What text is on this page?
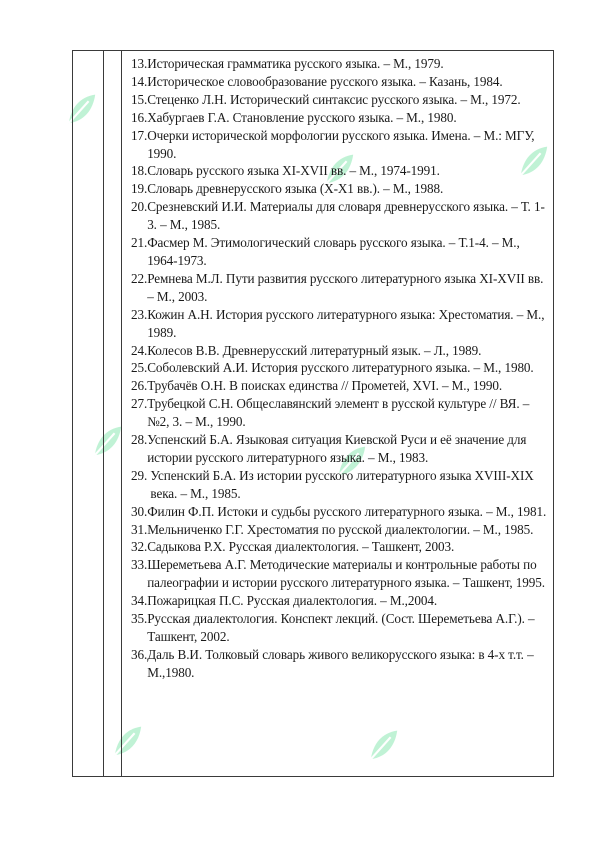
13. Историческая грамматика русского языка. – М., 1979.
14. Историческое словообразование русского языка. – Казань, 1984.
15. Стеценко Л.Н. Исторический синтаксис русского языка. – М., 1972.
16. Хабургаев Г.А. Становление русского языка. – М., 1980.
17. Очерки исторической морфологии русского языка. Имена. – М.: МГУ, 1990.
18. Словарь русского языка XI-XVII вв. – М., 1974-1991.
19. Словарь древнерусского языка (X-X1 вв.). – М., 1988.
20. Срезневский И.И. Материалы для словаря древнерусского языка. – Т. 1-3. – М., 1985.
21. Фасмер М. Этимологический словарь русского языка. – Т.1-4. – М., 1964-1973.
22. Ремнева М.Л. Пути развития русского литературного языка XI-XVII вв. – М., 2003.
23. Кожин А.Н. История русского литературного языка: Хрестоматия. – М., 1989.
24. Колесов В.В. Древнерусский литературный язык. – Л., 1989.
25. Соболевский А.И. История русского литературного языка. – М., 1980.
26. Трубачёв О.Н. В поисках единства // Прометей, XVI. – М., 1990.
27. Трубецкой С.Н. Общеславянский элемент в русской культуре // ВЯ. – №2, 3. – М., 1990.
28. Успенский Б.А. Языковая ситуация Киевской Руси и её значение для истории русского литературного языка. – М., 1983.
29. Успенский Б.А. Из истории русского литературного языка XVIII-XIX века. – М., 1985.
30. Филин Ф.П. Истоки и судьбы русского литературного языка. – М., 1981.
31. Мельниченко Г.Г. Хрестоматия по русской диалектологии. – М., 1985.
32. Садыкова Р.Х. Русская диалектология. – Ташкент, 2003.
33. Шереметьева А.Г. Методические материалы и контрольные работы по палеографии и истории русского литературного языка. – Ташкент, 1995.
34. Пожарицкая П.С. Русская диалектология. – М.,2004.
35. Русская диалектология. Конспект лекций. (Сост. Шереметьева А.Г.). – Ташкент, 2002.
36. Даль В.И. Толковый словарь живого великорусского языка: в 4-х т.т. – М.,1980.
